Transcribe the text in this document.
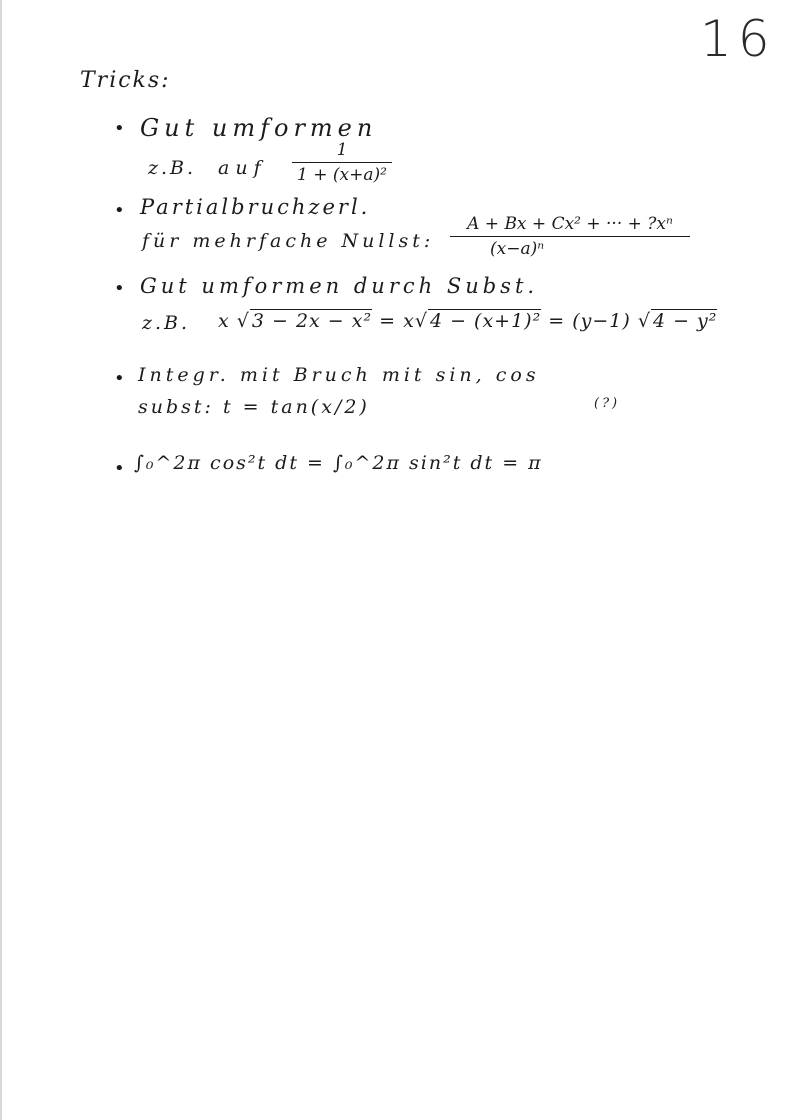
16
Tricks:
• Gut umformen
z.B. auf
1
1 + (x+a)²
• Partialbruchzerl.
für mehrfache Nullst:
A + Bx + Cx² + ··· + ?xⁿ
(x−a)ⁿ
• Gut umformen durch Subst.
z.B. x √ 3 − 2x − x² = x√ 4 − (x+1)² = (y−1) √ 4 − y²
• Integr. mit Bruch mit sin, cos
subst: t = tan(x/2)	(?)
• ∫₀^2π cos²t dt = ∫₀^2π sin²t dt = π
